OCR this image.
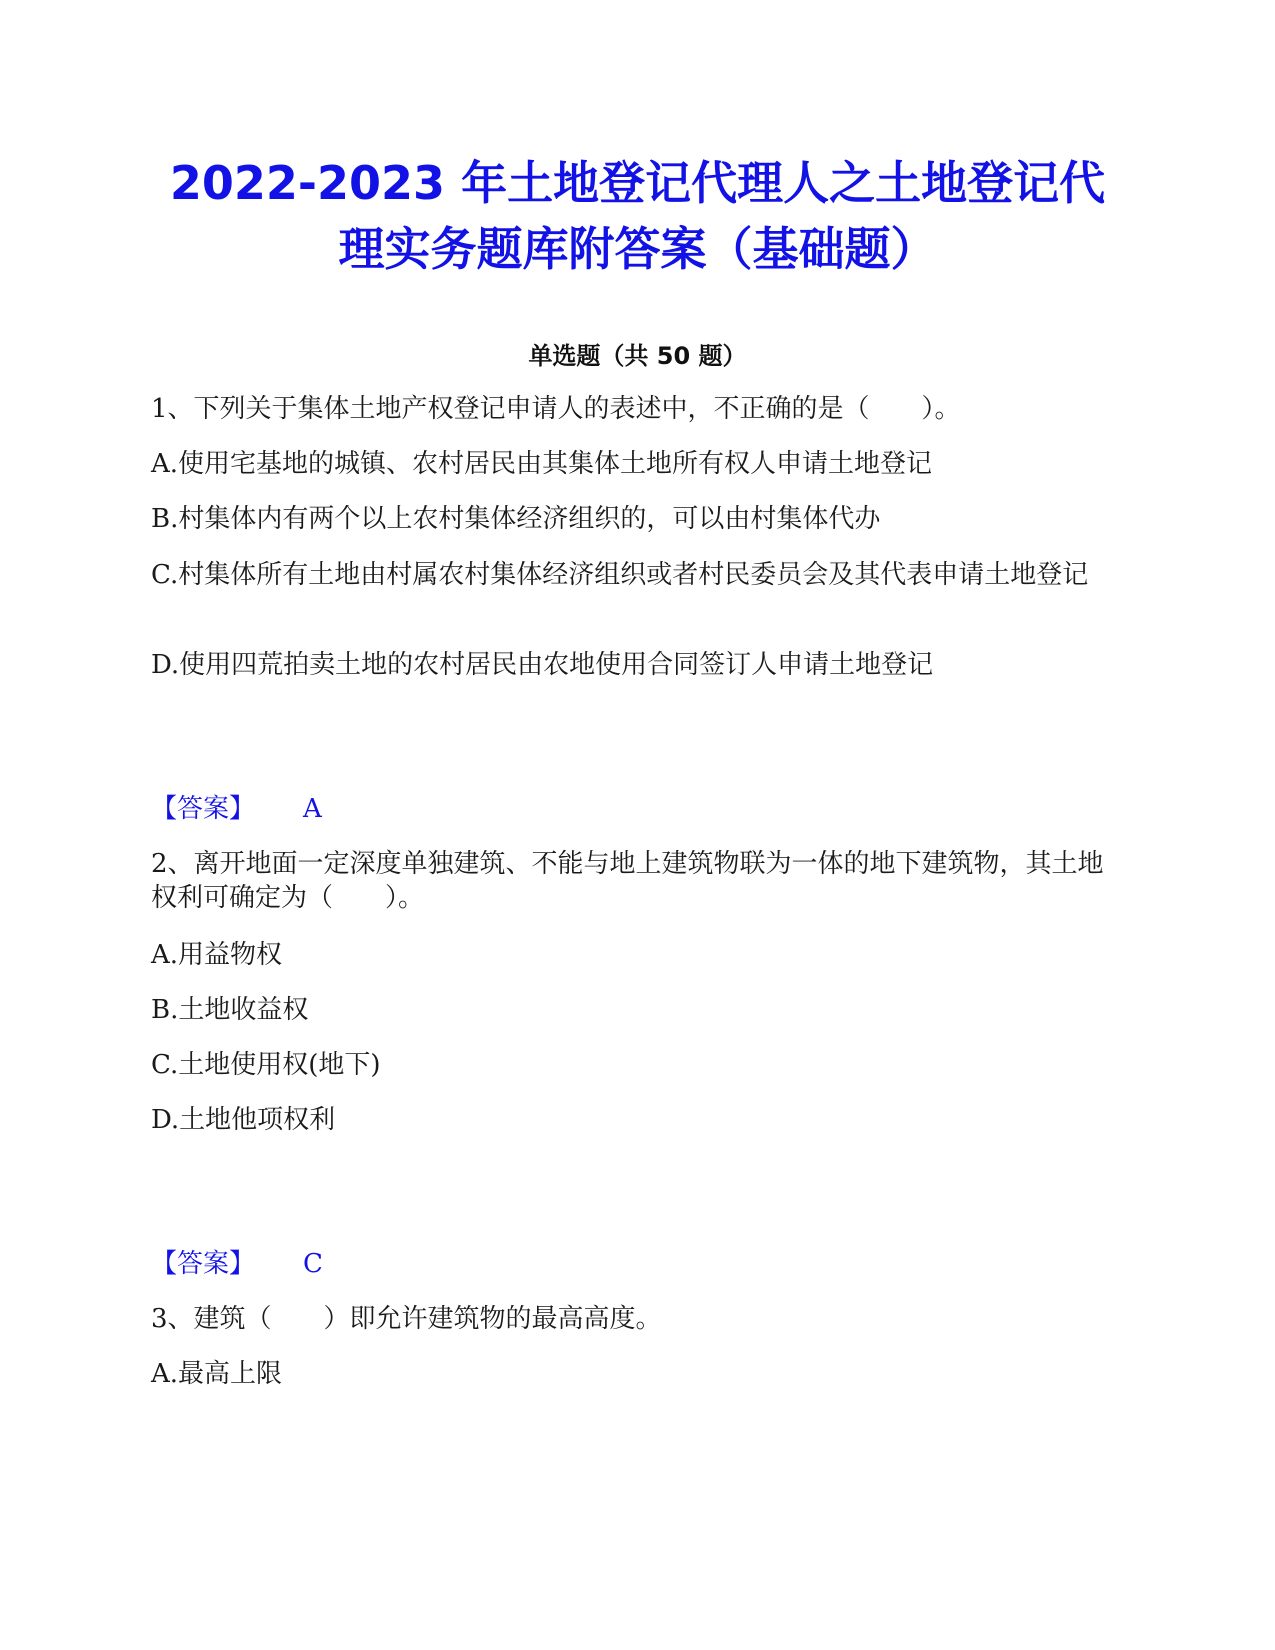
2022-2023 年土地登记代理人之土地登记代
理实务题库附答案（基础题）
单选题（共 50 题）
1、下列关于集体土地产权登记申请人的表述中，不正确的是（　　）。
A.使用宅基地的城镇、农村居民由其集体土地所有权人申请土地登记
B.村集体内有两个以上农村集体经济组织的，可以由村集体代办
C.村集体所有土地由村属农村集体经济组织或者村民委员会及其代表申请土地登记
D.使用四荒拍卖土地的农村居民由农地使用合同签订人申请土地登记
【答案】 A
2、离开地面一定深度单独建筑、不能与地上建筑物联为一体的地下建筑物，其土地权利可确定为（　　）。
A.用益物权
B.土地收益权
C.土地使用权(地下)
D.土地他项权利
【答案】 C
3、建筑（　　）即允许建筑物的最高高度。
A.最高上限
